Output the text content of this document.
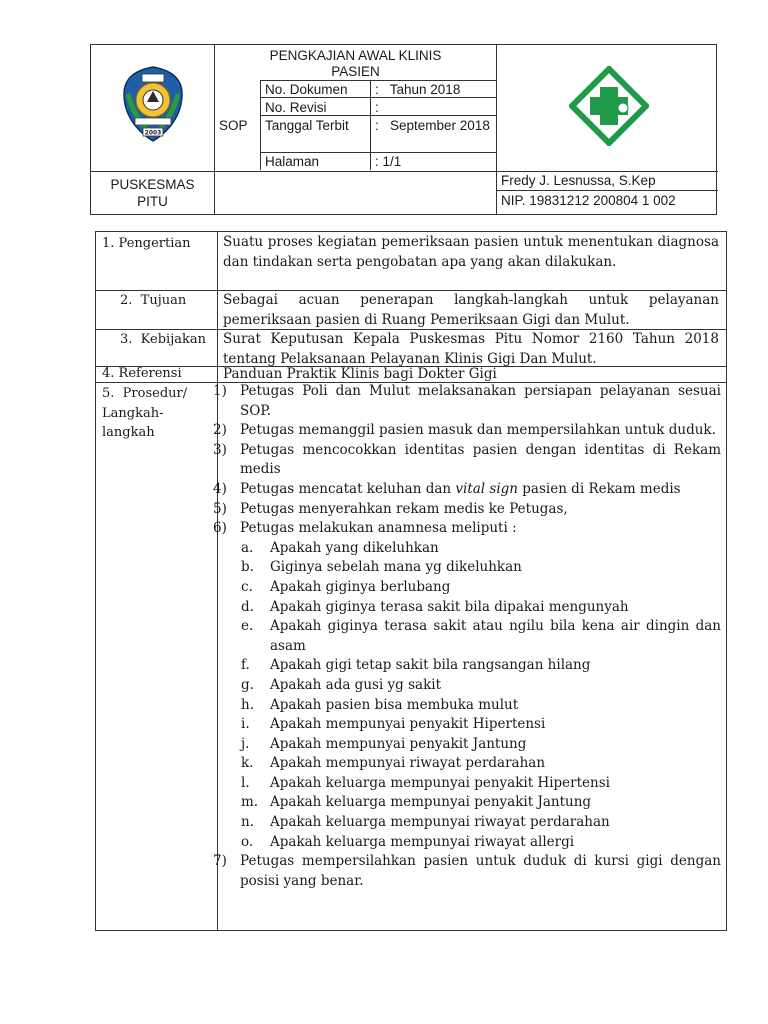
2003
PENGKAJIAN AWAL KLINIS
PASIEN
SOP
No. Dokumen :   Tahun 2018
No. Revisi	:
Tanggal Terbit	:   September 2018
Halaman	: 1/1
PUSKESMAS
PITU
Fredy J. Lesnussa, S.Kep
NIP. 19831212 200804 1 002
1. Pengertian Suatu proses kegiatan pemeriksaan pasien untuk menentukan diagnosa dan tindakan serta pengobatan apa yang akan dilakukan.
2.  Tujuan	Sebagai acuan penerapan langkah-langkah untuk pelayanan pemeriksaan pasien di Ruang Pemeriksaan Gigi dan Mulut.
3.  Kebijakan Surat Keputusan Kepala Puskesmas Pitu Nomor 2160 Tahun 2018 tentang Pelaksanaan Pelayanan Klinis Gigi Dan Mulut.
4. Referensi	Panduan Praktik Klinis bagi Dokter Gigi
5.  Prosedur/ Langkah-langkah
1) Petugas Poli dan Mulut melaksanakan persiapan pelayanan sesuai SOP.
2) Petugas memanggil pasien masuk dan mempersilahkan untuk duduk.
3) Petugas mencocokkan identitas pasien dengan identitas di Rekam medis
4) Petugas mencatat keluhan dan vital sign pasien di Rekam medis
5) Petugas menyerahkan rekam medis ke Petugas,
6) Petugas melakukan anamnesa meliputi :
a. Apakah yang dikeluhkan
b. Giginya sebelah mana yg dikeluhkan
c. Apakah giginya berlubang
d. Apakah giginya terasa sakit bila dipakai mengunyah
e. Apakah giginya terasa sakit atau ngilu bila kena air dingin dan asam
f. Apakah gigi tetap sakit bila rangsangan hilang
g. Apakah ada gusi yg sakit
h. Apakah pasien bisa membuka mulut
i. Apakah mempunyai penyakit Hipertensi
j. Apakah mempunyai penyakit Jantung
k. Apakah mempunyai riwayat perdarahan
l. Apakah keluarga mempunyai penyakit Hipertensi
m. Apakah keluarga mempunyai penyakit Jantung
n. Apakah keluarga mempunyai riwayat perdarahan
o. Apakah keluarga mempunyai riwayat allergi
7) Petugas mempersilahkan pasien untuk duduk di kursi gigi dengan posisi yang benar.
